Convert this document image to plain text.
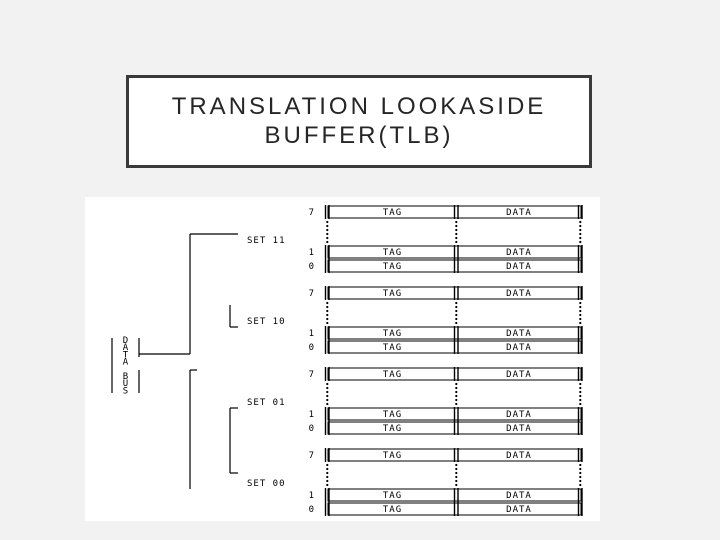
TRANSLATION LOOKASIDE
BUFFER(TLB)
D
A
T
A
B
U
S
SET 11
7	TAG	DATA
1	TAG	DATA
0	TAG	DATA
SET 10
7	TAG	DATA
1	TAG	DATA
0	TAG	DATA
SET 01
7	TAG	DATA
1	TAG	DATA
0	TAG	DATA
SET 00
7	TAG	DATA
1	TAG	DATA
0	TAG	DATA
